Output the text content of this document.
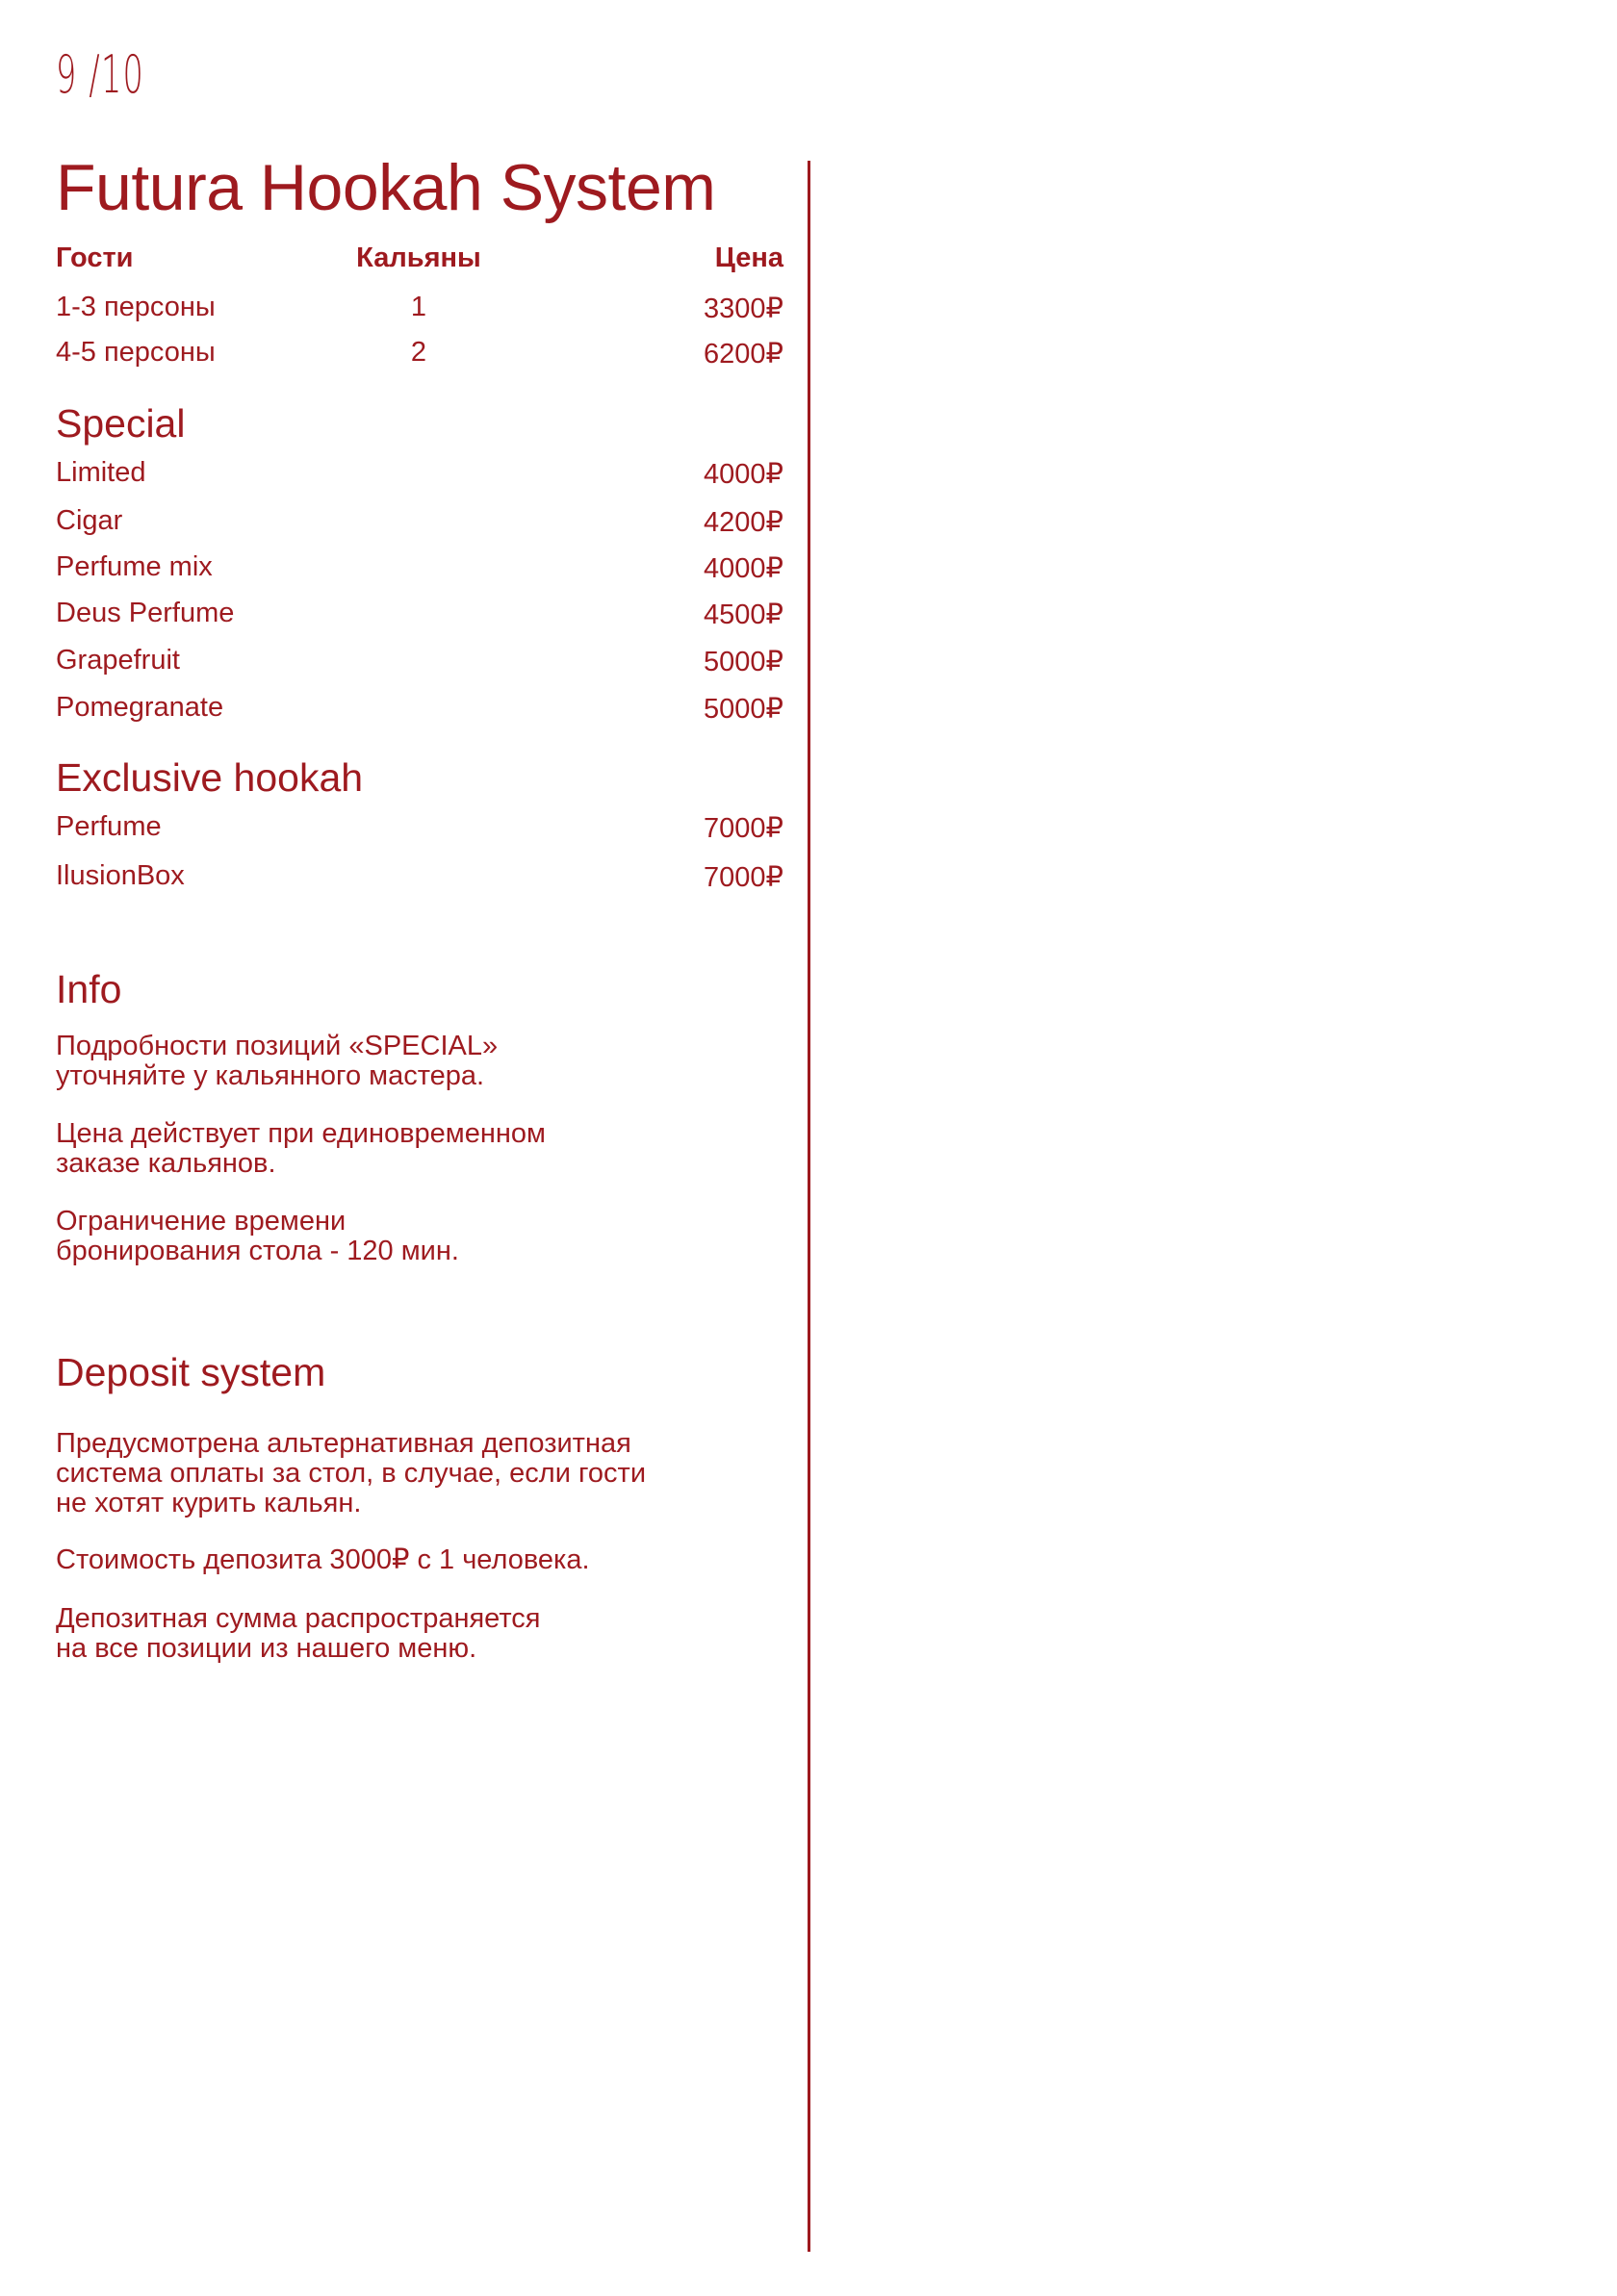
9 /10
Futura Hookah System
Гости	Кальяны	Цена
1-3 персоны	1	3300₽
4-5 персоны	2	6200₽
Special
Limited	4000₽
Cigar	4200₽
Perfume mix	4000₽
Deus Perfume	4500₽
Grapefruit	5000₽
Pomegranate	5000₽
Exclusive hookah
Perfume	7000₽
IlusionBox	7000₽
Info
Подробности позиций «SPECIAL»
уточняйте у кальянного мастера.
Цена действует при единовременном
заказе кальянов.
Ограничение времени
бронирования стола - 120 мин.
Deposit system
Предусмотрена альтернативная депозитная
система оплаты за стол, в случае, если гости
не хотят курить кальян.
Стоимость депозита 3000₽ с 1 человека.
Депозитная сумма распространяется
на все позиции из нашего меню.
